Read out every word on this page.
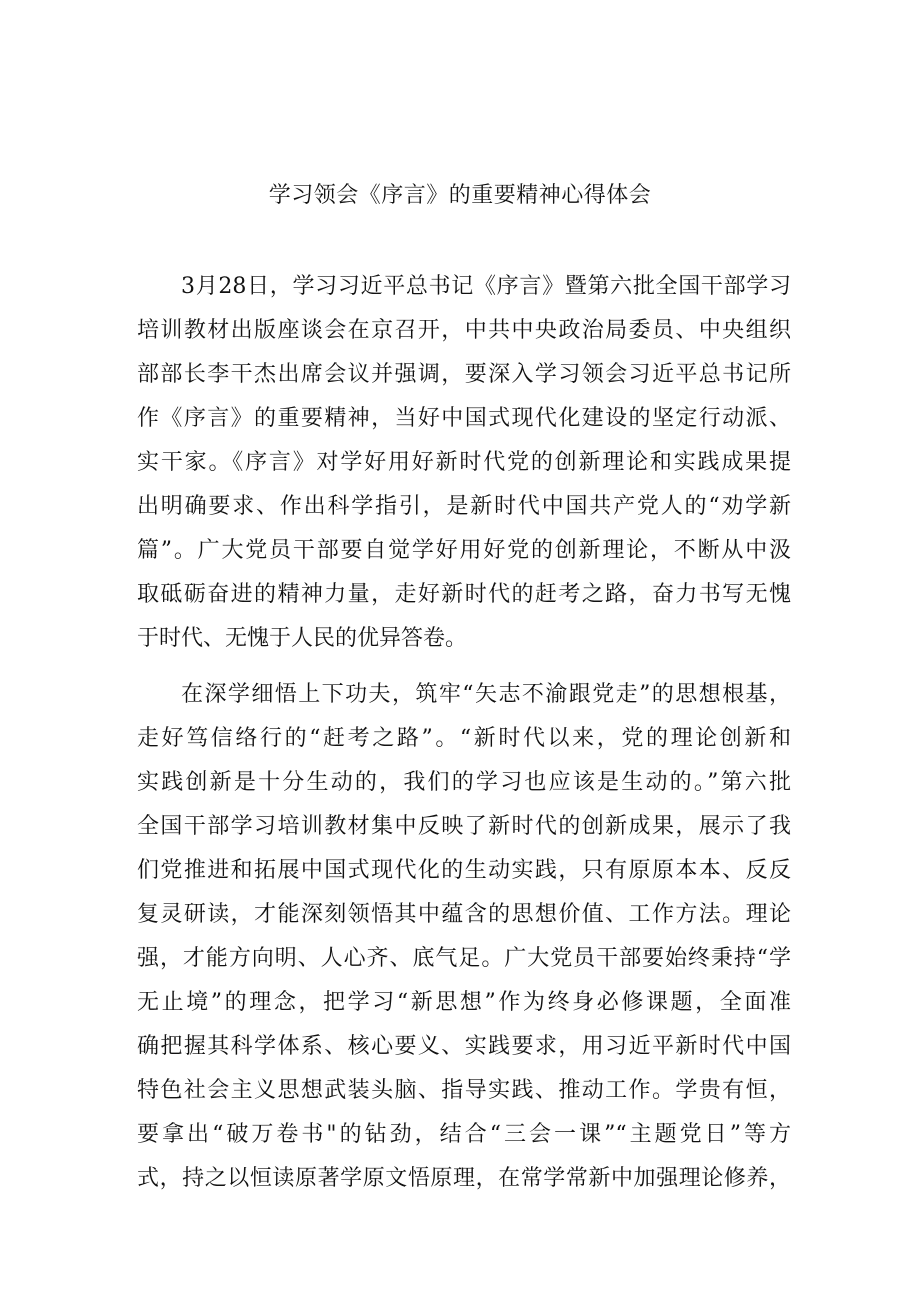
学习领会《序言》的重要精神心得体会

3月28日，学习习近平总书记《序言》暨第六批全国干部学习

培训教材出版座谈会在京召开，中共中央政治局委员、中央组织

部部长李干杰出席会议并强调，要深入学习领会习近平总书记所

作《序言》的重要精神，当好中国式现代化建设的坚定行动派、

实干家。《序言》对学好用好新时代党的创新理论和实践成果提

出明确要求、作出科学指引，是新时代中国共产党人的“劝学新

篇”。广大党员干部要自觉学好用好党的创新理论，不断从中汲

取砥砺奋进的精神力量，走好新时代的赶考之路，奋力书写无愧

于时代、无愧于人民的优异答卷。

在深学细悟上下功夫，筑牢“矢志不渝跟党走”的思想根基，

走好笃信络行的“赶考之路”。“新时代以来，党的理论创新和

实践创新是十分生动的，我们的学习也应该是生动的。”第六批

全国干部学习培训教材集中反映了新时代的创新成果，展示了我

们党推进和拓展中国式现代化的生动实践，只有原原本本、反反

复灵研读，才能深刻领悟其中蕴含的思想价值、工作方法。理论

强，才能方向明、人心齐、底气足。广大党员干部要始终秉持“学

无止境”的理念，把学习“新思想”作为终身必修课题，全面准

确把握其科学体系、核心要义、实践要求，用习近平新时代中国

特色社会主义思想武装头脑、指导实践、推动工作。学贵有恒，

要拿出“破万卷书"的钻劲，结合“三会一课”“主题党日”等方

式，持之以恒读原著学原文悟原理，在常学常新中加强理论修养，
